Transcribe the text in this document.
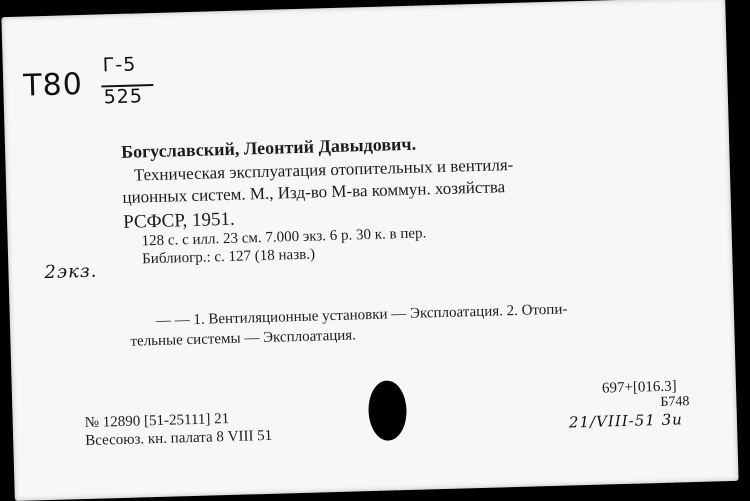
Т80
Г-5
525
2экз.
Богуславский, Леонтий Давыдович.
Техническая эксплуатация отопительных и вентиля-
ционных систем. М., Изд-во М-ва коммун. хозяйства
РСФСР, 1951.
128 с. с илл. 23 см. 7.000 экз. 6 р. 30 к. в пер.
Библиогр.: с. 127 (18 назв.)
— — 1. Вентиляционные установки — Эксплоатация. 2. Отопи-
тельные системы — Эксплоатация.
№ 12890 [51-25111] 21
Всесоюз. кн. палата 8 VIII 51
697+[016.3]
Б748
21/VIII-51 3u
